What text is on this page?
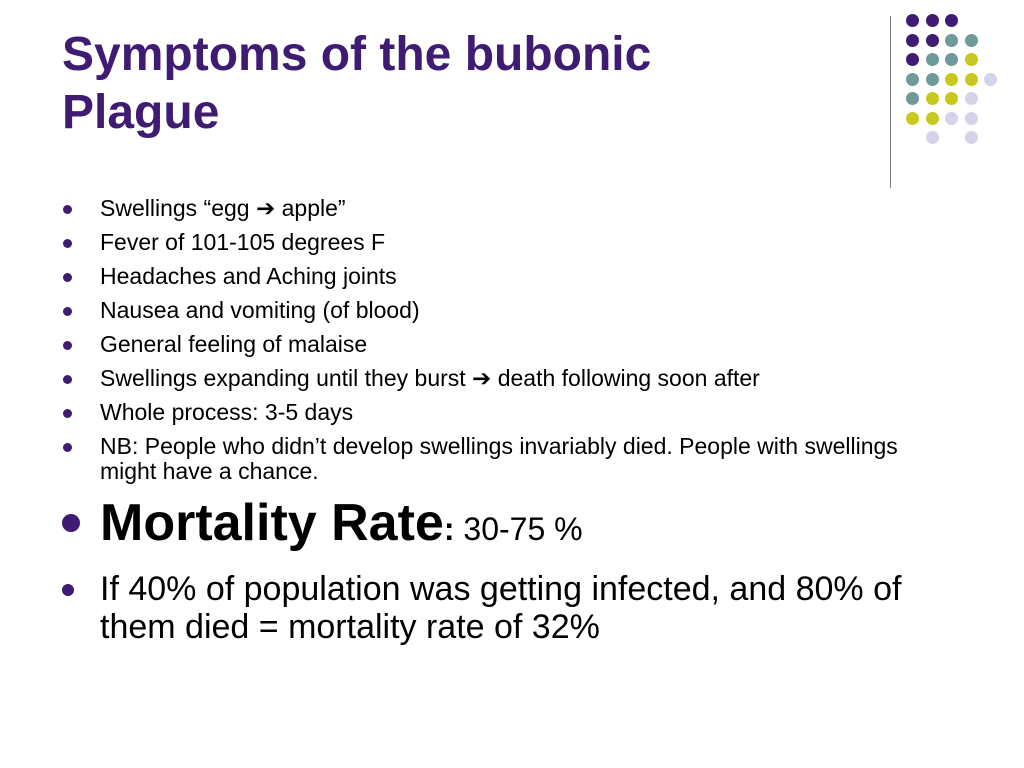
Symptoms of the bubonic
Plague
Swellings “egg ➔ apple”
Fever of 101-105 degrees F
Headaches and Aching joints
Nausea and vomiting (of blood)
General feeling of malaise
Swellings expanding until they burst ➔ death following soon after
Whole process: 3-5 days
NB: People who didn’t develop swellings invariably died. People with swellings might have a chance.
Mortality Rate: 30-75 %
If 40% of population was getting infected, and 80% of them died = mortality rate of 32%
